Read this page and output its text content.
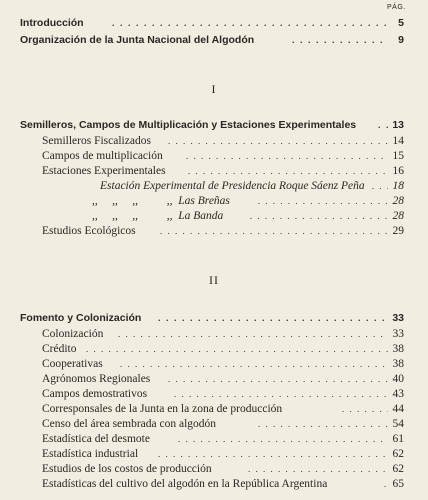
PÁG.
Introducción . . .	5
Organización de la Junta Nacional del Algodón . . .	9
I
Semilleros, Campos de Multiplicación y Estaciones Experimentales . . .	13
Semilleros Fiscalizados . . .	14
Campos de multiplicación . . .	15
Estaciones Experimentales . . .	16
Estación Experimental de Presidencia Roque Sáenz Peña . . . 18
,,     ,,     ,,          ,,  Las Breñas . . .	28
,,     ,,     ,,          ,,  La Banda . . .	28
Estudios Ecológicos . . .	29
II
Fomento y Colonización . . .	33
Colonización . . .	33
Crédito . . .	38
Cooperativas . . .	38
Agrónomos Regionales . . .	40
Campos demostrativos . . .	43
Corresponsales de la Junta en la zona de producción . . .	44
Censo del área sembrada con algodón . . .	54
Estadística del desmote . . .	61
Estadística industrial . . .	62
Estudios de los costos de producción . . .	62
Estadísticas del cultivo del algodón en la República Argentina . . .	65
